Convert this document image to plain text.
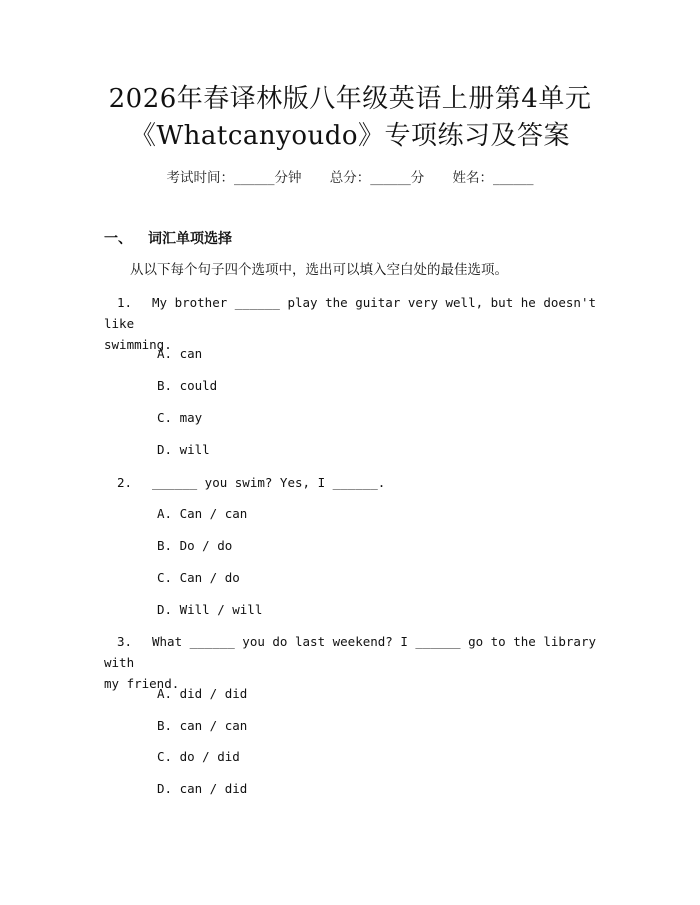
2026年春译林版八年级英语上册第4单元
《Whatcanyoudo》专项练习及答案
考试时间：______分钟 总分：______分 姓名：______
一、 词汇单项选择
从以下每个句子四个选项中，选出可以填入空白处的最佳选项。
1. My brother ______ play the guitar very well, but he doesn't like
swimming.
A. can
B. could
C. may
D. will
2. ______ you swim? Yes, I ______.
A. Can / can
B. Do / do
C. Can / do
D. Will / will
3. What ______ you do last weekend? I ______ go to the library with
my friend.
A. did / did
B. can / can
C. do / did
D. can / did
